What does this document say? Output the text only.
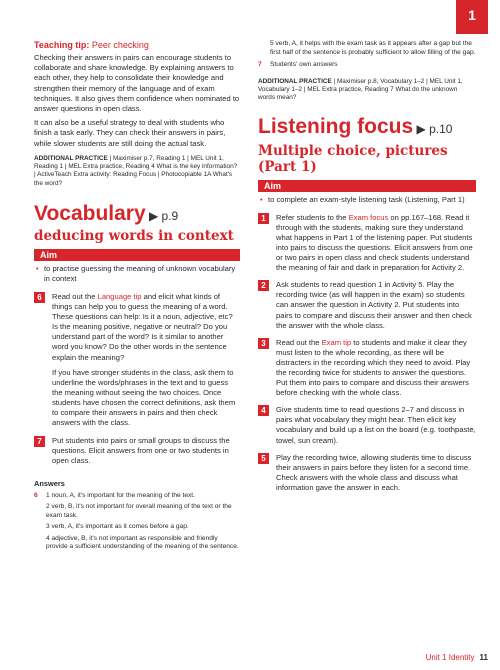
1
Teaching tip: Peer checking

Checking their answers in pairs can encourage students to collaborate and share knowledge. By explaining answers to each other, they help to consolidate their knowledge and strengthen their memory of the language and of exam techniques. It also gives them confidence when nominated to answer questions in open class.

It can also be a useful strategy to deal with students who finish a task early. They can check their answers in pairs, while slower students are still doing the actual task.

ADDITIONAL PRACTICE | Maximiser p.7, Reading 1 | MEL Unit 1, Reading 1 | MEL Extra practice, Reading 4 What is the key information? | ActiveTeach Extra activity: Reading Focus | Photocopiable 1A What's the word?

Vocabulary ▶ p.9
deducing words in context
Aim
• to practise guessing the meaning of unknown vocabulary in context
6	Read out the Language tip and elicit what kinds of things can help you to guess the meaning of a word. These questions can help: Is it a noun, adjective, etc? Is the meaning positive, negative or neutral? Do you understand part of the word? Is it similar to another word you know? Do the other words in the sentence explain the meaning?
If you have stronger students in the class, ask them to underline the words/phrases in the text and to guess the meaning without seeing the two choices. Once students have chosen the correct definitions, ask them to compare their answers in pairs and then check answers with the class.
7	Put students into pairs or small groups to discuss the questions. Elicit answers from one or two students in open class.
Answers
6 1 noun, A, it's important for the meaning of the text.
2 verb, B, it's not important for overall meaning of the text or the exam task.
3 verb, A, it's important as it comes before a gap.
4 adjective, B, it's not important as responsible and friendly provide a sufficient understanding of the meaning of the sentence.
5 verb, A, it helps with the exam task as it appears after a gap but the first half of the sentence is probably sufficient to allow filling of the gap.
7 Students' own answers

ADDITIONAL PRACTICE | Maximiser p.8, Vocabulary 1–2 | MEL Unit 1, Vocabulary 1–2 | MEL Extra practice, Reading 7 What do the unknown words mean?

Listening focus ▶ p.10
Multiple choice, pictures (Part 1)
Aim
• to complete an exam-style listening task (Listening, Part 1)
1	Refer students to the Exam focus on pp.167–168. Read it through with the students, making sure they understand what happens in Part 1 of the listening paper. Put students into pairs to discuss the questions. Elicit answers from one or two pairs in open class and check students understand the meaning of fair and dark in preparation for Activity 2.
2	Ask students to read question 1 in Activity 5. Play the recording twice (as will happen in the exam) so students can answer the question in Activity 2. Put students into pairs to compare and discuss their answer and then check the answer with the whole class.
3	Read out the Exam tip to students and make it clear they must listen to the whole recording, as there will be distracters in the recording which they need to avoid. Play the recording twice for students to answer the questions. Put them into pairs to compare and discuss their answers before checking with the whole class.
4	Give students time to read questions 2–7 and discuss in pairs what vocabulary they might hear. Then elicit key vocabulary and build up a list on the board (e.g. toothpaste, towel, sun cream).
5	Play the recording twice, allowing students time to discuss their answers in pairs before they listen for a second time. Check answers with the whole class and discuss what information gave the answer in each.
Unit 1 Identity 11
